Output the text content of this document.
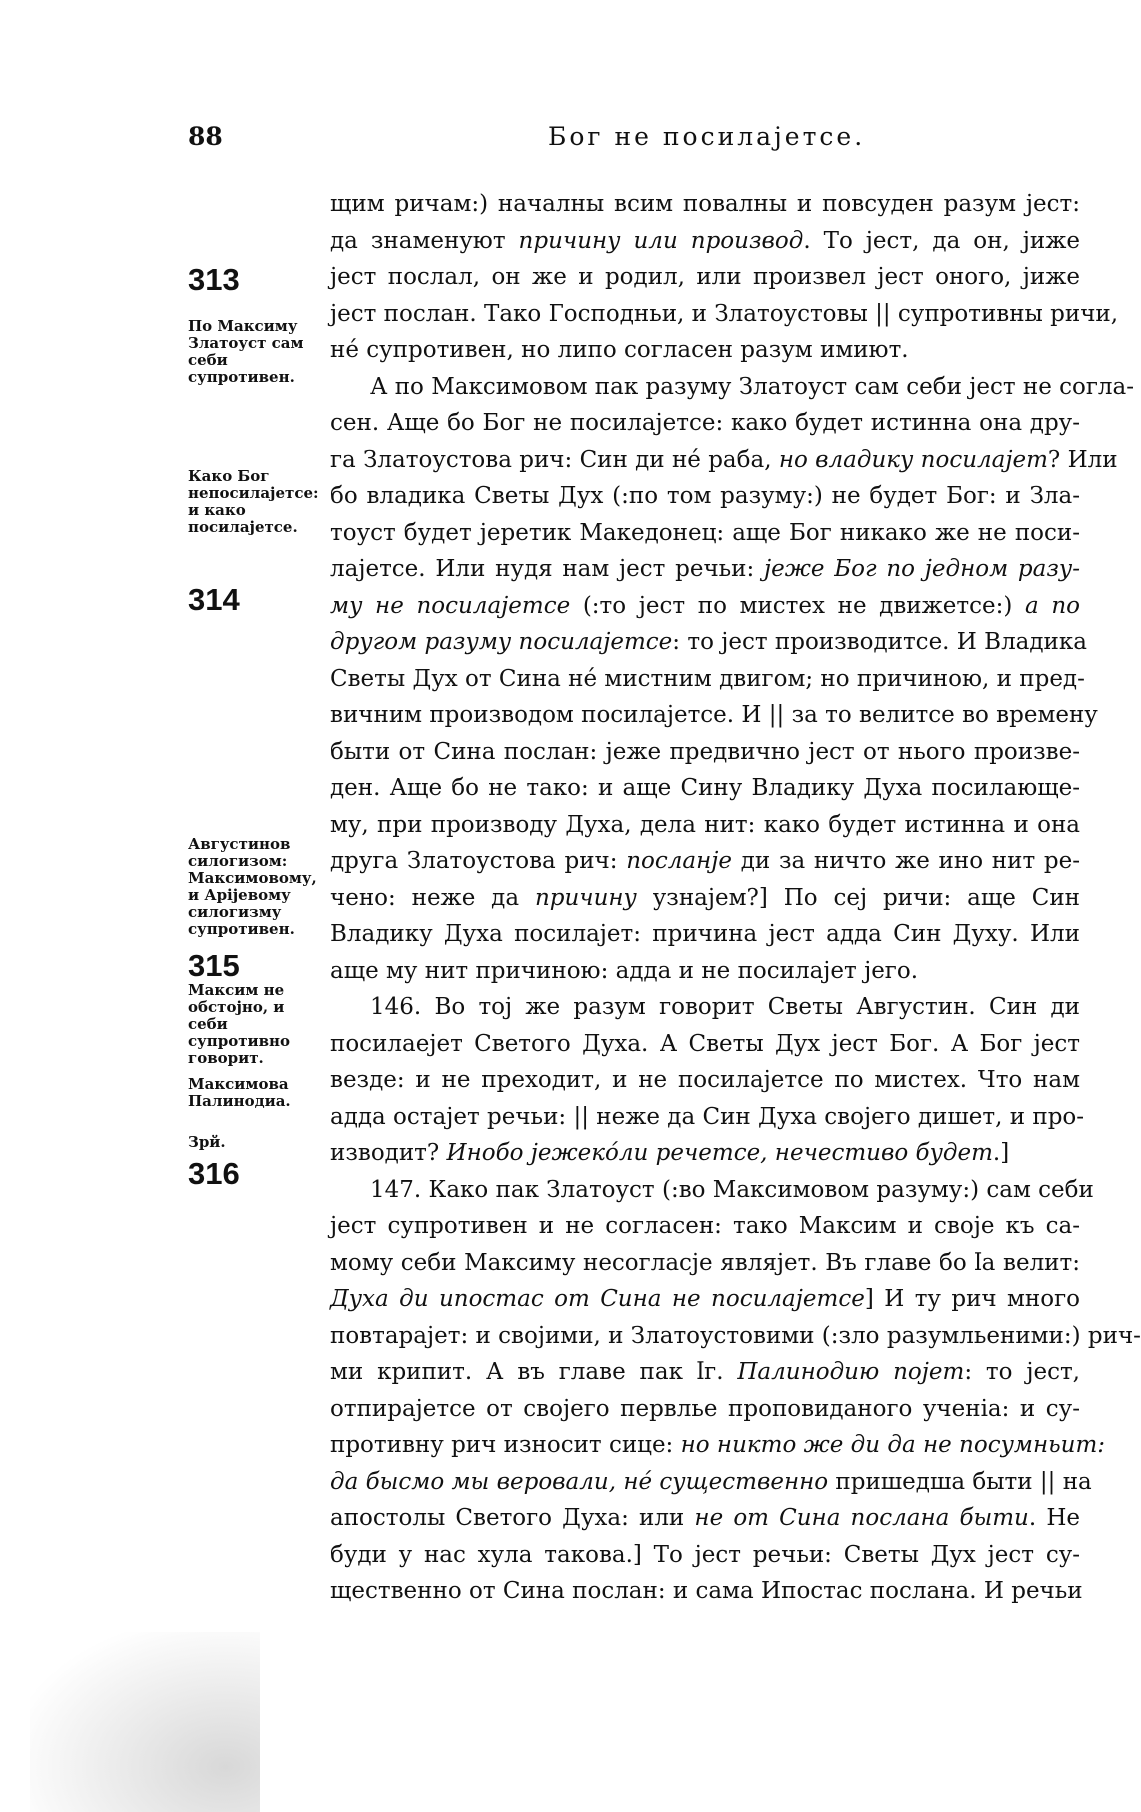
88	Бог не посилаjетсе.
313
По Максиму Златоуст сам себи супротивен.
Како Бог непосилаjетсе: и како посилаjетсе.
314
Августинов силогизом: Максимовому, и Арijевому силогизму супротивен.
315
Максим не обстоjно, и себи супротивно говорит.
Максимова Палинодиа.
Зрй.
316
щим ричам:) началны всим повалны и повсуден разум jест:
да знаменуют причину или производ. То jест, да он, jиже
jест послал, он же и родил, или произвел jест оного, jиже
jест послан. Тако Господньи, и Златоустовы || супротивны ричи,
нé супротивен, но липо согласен разум имиют.
А по Максимовом пак разуму Златоуст сам себи jест не согла-
сен. Аще бо Бог не посилаjетсе: како будет истинна она дру-
га Златоустова рич: Син ди нé раба, но владику посилаjет? Или
бо владика Светы Дух (:по том разуму:) не будет Бог: и Зла-
тоуст будет jеретик Македонец: аще Бог никако же не поси-
лаjетсе. Или нудя нам jест речьи: jеже Бог по jедном разу-
му не посилаjетсе (:то jест по мистех не движетсе:) а по
другом разуму посилаjетсе: то jест производитсе. И Владика
Светы Дух от Сина нé мистним двигом; но причиною, и пред-
вичним производом посилаjетсе. И || за то велитсе во времену
быти от Сина послан: jеже предвично jест от нього произве-
ден. Аще бо не тако: и аще Сину Владику Духа посилающе-
му, при производу Духа, дела нит: како будет истинна и она
друга Златоустова рич: посланje ди за ничто же ино нит ре-
чено: неже да причину узнаjем?] По сеj ричи: аще Син
Владику Духа посилаjет: причина jест адда Син Духу. Или
аще му нит причиною: адда и не посилаjет jего.
146. Во тоj же разум говорит Светы Августин. Син ди
посилаеjет Светого Духа. А Светы Дух jест Бог. А Бог jест
везде: и не преходит, и не посилаjетсе по мистех. Что нам
адда остаjет речьи: || неже да Син Духа своjего дишет, и про-
изводит? Инобо jежекóли речетсе, нечестиво будет.]
147. Како пак Златоуст (:во Максимовом разуму:) сам себи
jест супротивен и не согласен: тако Максим и своjе къ са-
мому себи Максиму несогласjе являjет. Въ главе бо ӏа велит:
Духа ди ипостас от Сина не посилаjетсе] И ту рич много
повтараjет: и своjими, и Златоустовими (:зло разумльеними:) рич-
ми крипит. А въ главе пак ӏг. Палинодию поjет: то jест,
отпираjетсе от своjего первлье проповиданого ученіа: и су-
противну рич износит сице: но никто же ди да не посумньит:
да быcмо мы веровали, нé существенно пришедша быти || на
апостолы Светого Духа: или не от Сина послана быти. Не
буди у нас хула такова.] То jест речьи: Светы Дух jест су-
щественно от Сина послан: и сама Ипостас послана. И речьи
